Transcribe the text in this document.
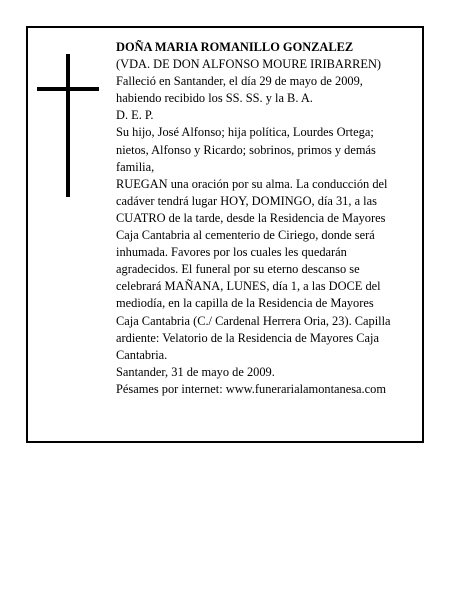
DOÑA MARIA ROMANILLO GONZALEZ
(VDA. DE DON ALFONSO MOURE IRIBARREN)
Falleció en Santander, el día 29 de mayo de 2009,
habiendo recibido los SS. SS. y la B. A.
D. E. P.
Su hijo, José Alfonso; hija política, Lourdes Ortega;
nietos, Alfonso y Ricardo; sobrinos, primos y demás
familia,
RUEGAN una oración por su alma. La conducción del
cadáver tendrá lugar HOY, DOMINGO, día 31, a las
CUATRO de la tarde, desde la Residencia de Mayores
Caja Cantabria al cementerio de Ciriego, donde será
inhumada. Favores por los cuales les quedarán
agradecidos. El funeral por su eterno descanso se
celebrará MAÑANA, LUNES, día 1, a las DOCE del
mediodía, en la capilla de la Residencia de Mayores
Caja Cantabria (C./ Cardenal Herrera Oria, 23). Capilla
ardiente: Velatorio de la Residencia de Mayores Caja
Cantabria.
Santander, 31 de mayo de 2009.
Pésames por internet: www.funerarialamontanesa.com
